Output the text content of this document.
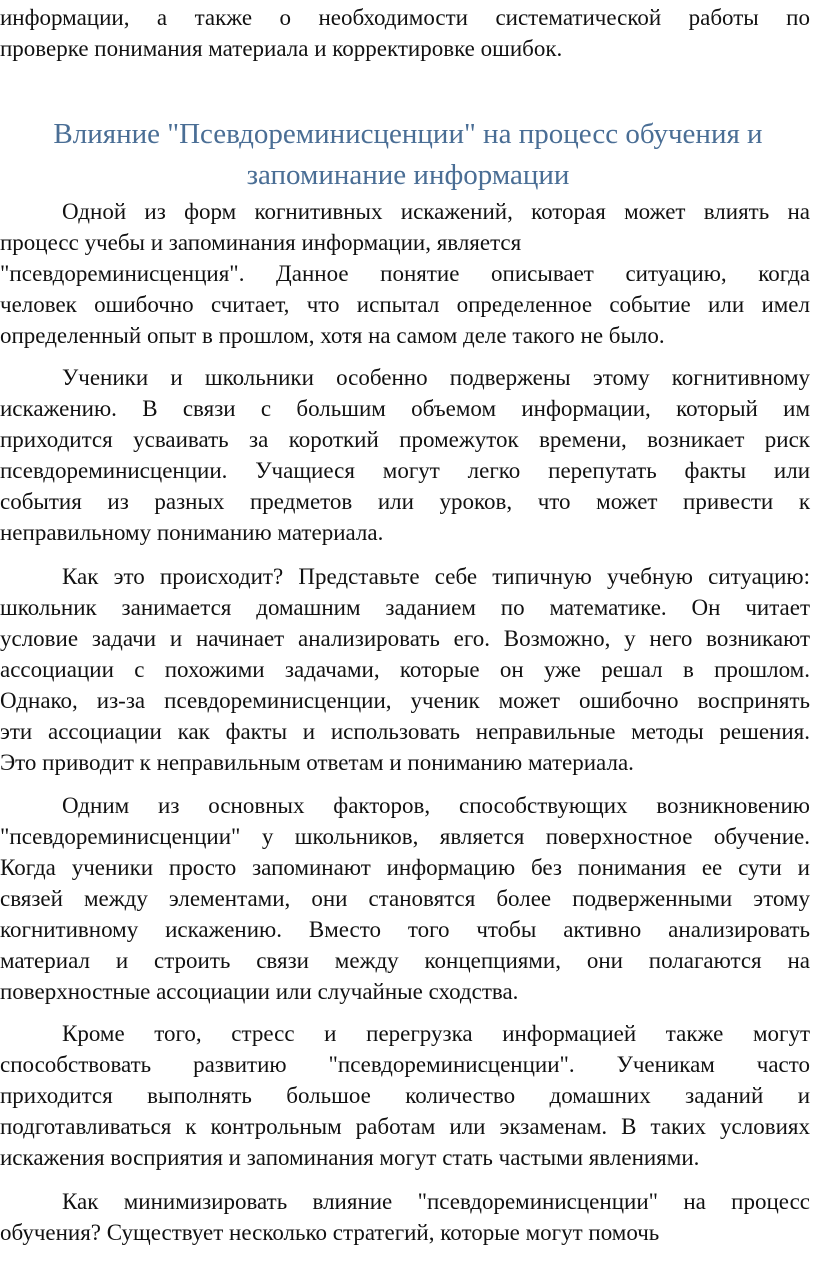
информации, а также о необходимости систематической работы по
проверке понимания материала и корректировке ошибок.
Влияние "Псевдореминисценции" на процесс обучения и
запоминание информации
Одной из форм когнитивных искажений, которая может влиять на
процесс учебы и запоминания информации, является
"псевдореминисценция". Данное понятие описывает ситуацию, когда
человек ошибочно считает, что испытал определенное событие или имел
определенный опыт в прошлом, хотя на самом деле такого не было.
Ученики и школьники особенно подвержены этому когнитивному
искажению. В связи с большим объемом информации, который им
приходится усваивать за короткий промежуток времени, возникает риск
псевдореминисценции. Учащиеся могут легко перепутать факты или
события из разных предметов или уроков, что может привести к
неправильному пониманию материала.
Как это происходит? Представьте себе типичную учебную ситуацию:
школьник занимается домашним заданием по математике. Он читает
условие задачи и начинает анализировать его. Возможно, у него возникают
ассоциации с похожими задачами, которые он уже решал в прошлом.
Однако, из-за псевдореминисценции, ученик может ошибочно воспринять
эти ассоциации как факты и использовать неправильные методы решения.
Это приводит к неправильным ответам и пониманию материала.
Одним из основных факторов, способствующих возникновению
"псевдореминисценции" у школьников, является поверхностное обучение.
Когда ученики просто запоминают информацию без понимания ее сути и
связей между элементами, они становятся более подверженными этому
когнитивному искажению. Вместо того чтобы активно анализировать
материал и строить связи между концепциями, они полагаются на
поверхностные ассоциации или случайные сходства.
Кроме того, стресс и перегрузка информацией также могут
способствовать развитию "псевдореминисценции". Ученикам часто
приходится выполнять большое количество домашних заданий и
подготавливаться к контрольным работам или экзаменам. В таких условиях
искажения восприятия и запоминания могут стать частыми явлениями.
Как минимизировать влияние "псевдореминисценции" на процесс
обучения? Существует несколько стратегий, которые могут помочь
